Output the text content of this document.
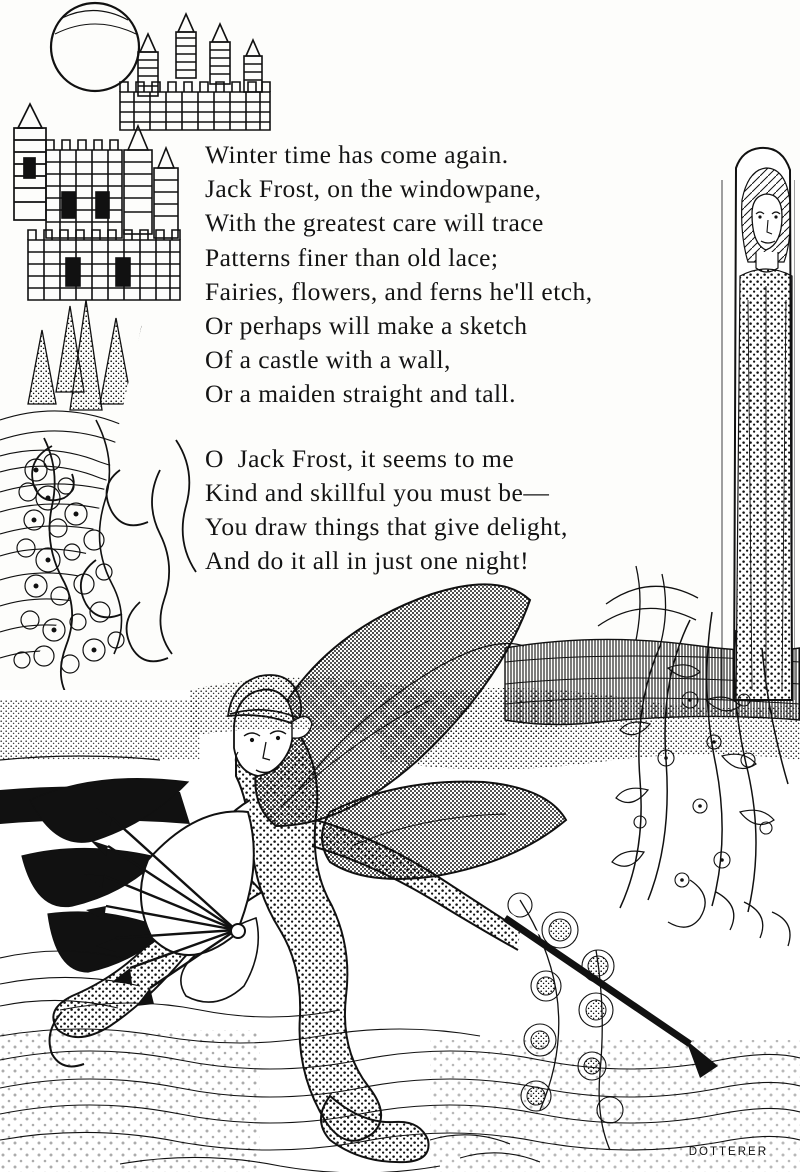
Winter time has come again.
Jack Frost, on the windowpane,
With the greatest care will trace
Patterns finer than old lace;
Fairies, flowers, and ferns he'll etch,
Or perhaps will make a sketch
Of a castle with a wall,
Or a maiden straight and tall.
O  Jack Frost, it seems to me
Kind and skillful you must be—
You draw things that give delight,
And do it all in just one night!
DOTTERER
